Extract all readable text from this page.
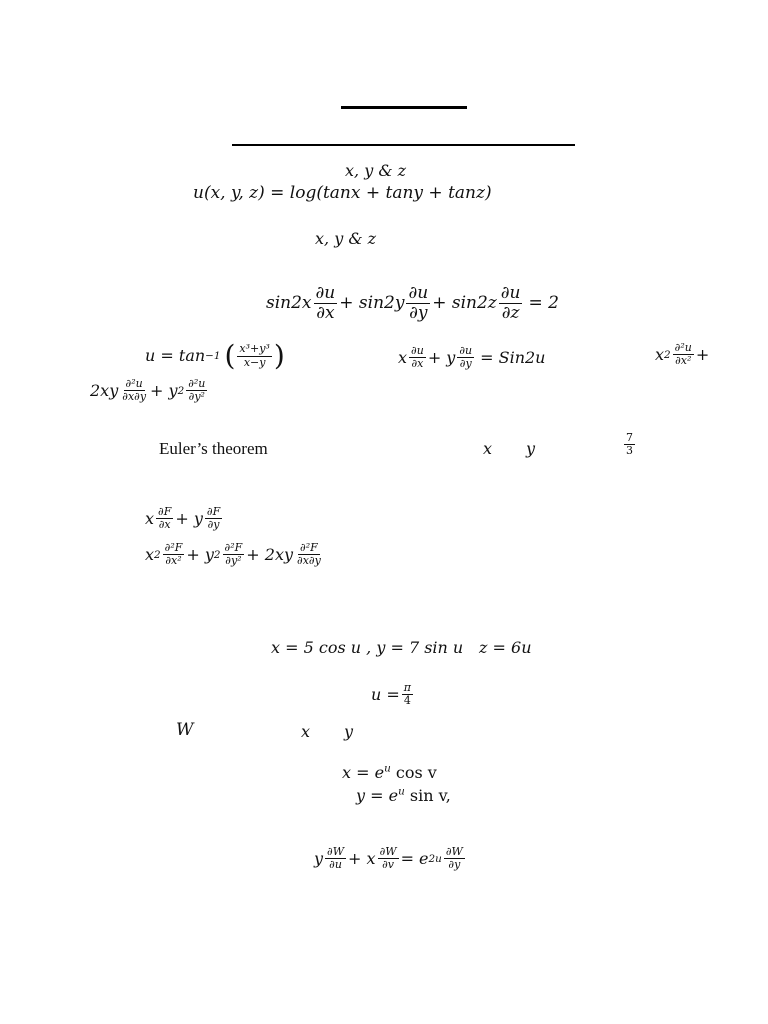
x, y & z
u(x, y, z) = log(tanx + tany + tanz)
x, y & z
sin2x ∂u
∂x + sin2y ∂u
$\partial y + \sin 2z \frac{\partial u}{\partial z} = 2$
u = tan −1 ( x³+y³
x−y )	x ∂u
∂x + y $\frac{\partial u}{\partial y} = Sin2u$	x 2
∂²u
∂x² +
2xy ∂²u
∂x∂y + y 2
∂²u
∂y²
Euler’s theorem	x y	$\frac{7}{3}$
x ∂F
∂x + y ∂F
∂y
x 2
∂²F
∂x² + y 2
∂²F
∂y² + 2xy ∂²F
∂x∂y
x = 5 cos u , y = 7 sin u z = 6u
$u = \frac{\pi}{4}$
W	x y
$x = e^u$ cos v
$y = e^u$ sin v,
y ∂W
∂u + x $\frac{\partial W}{\partial v} = e$ 2u
∂W
∂y
